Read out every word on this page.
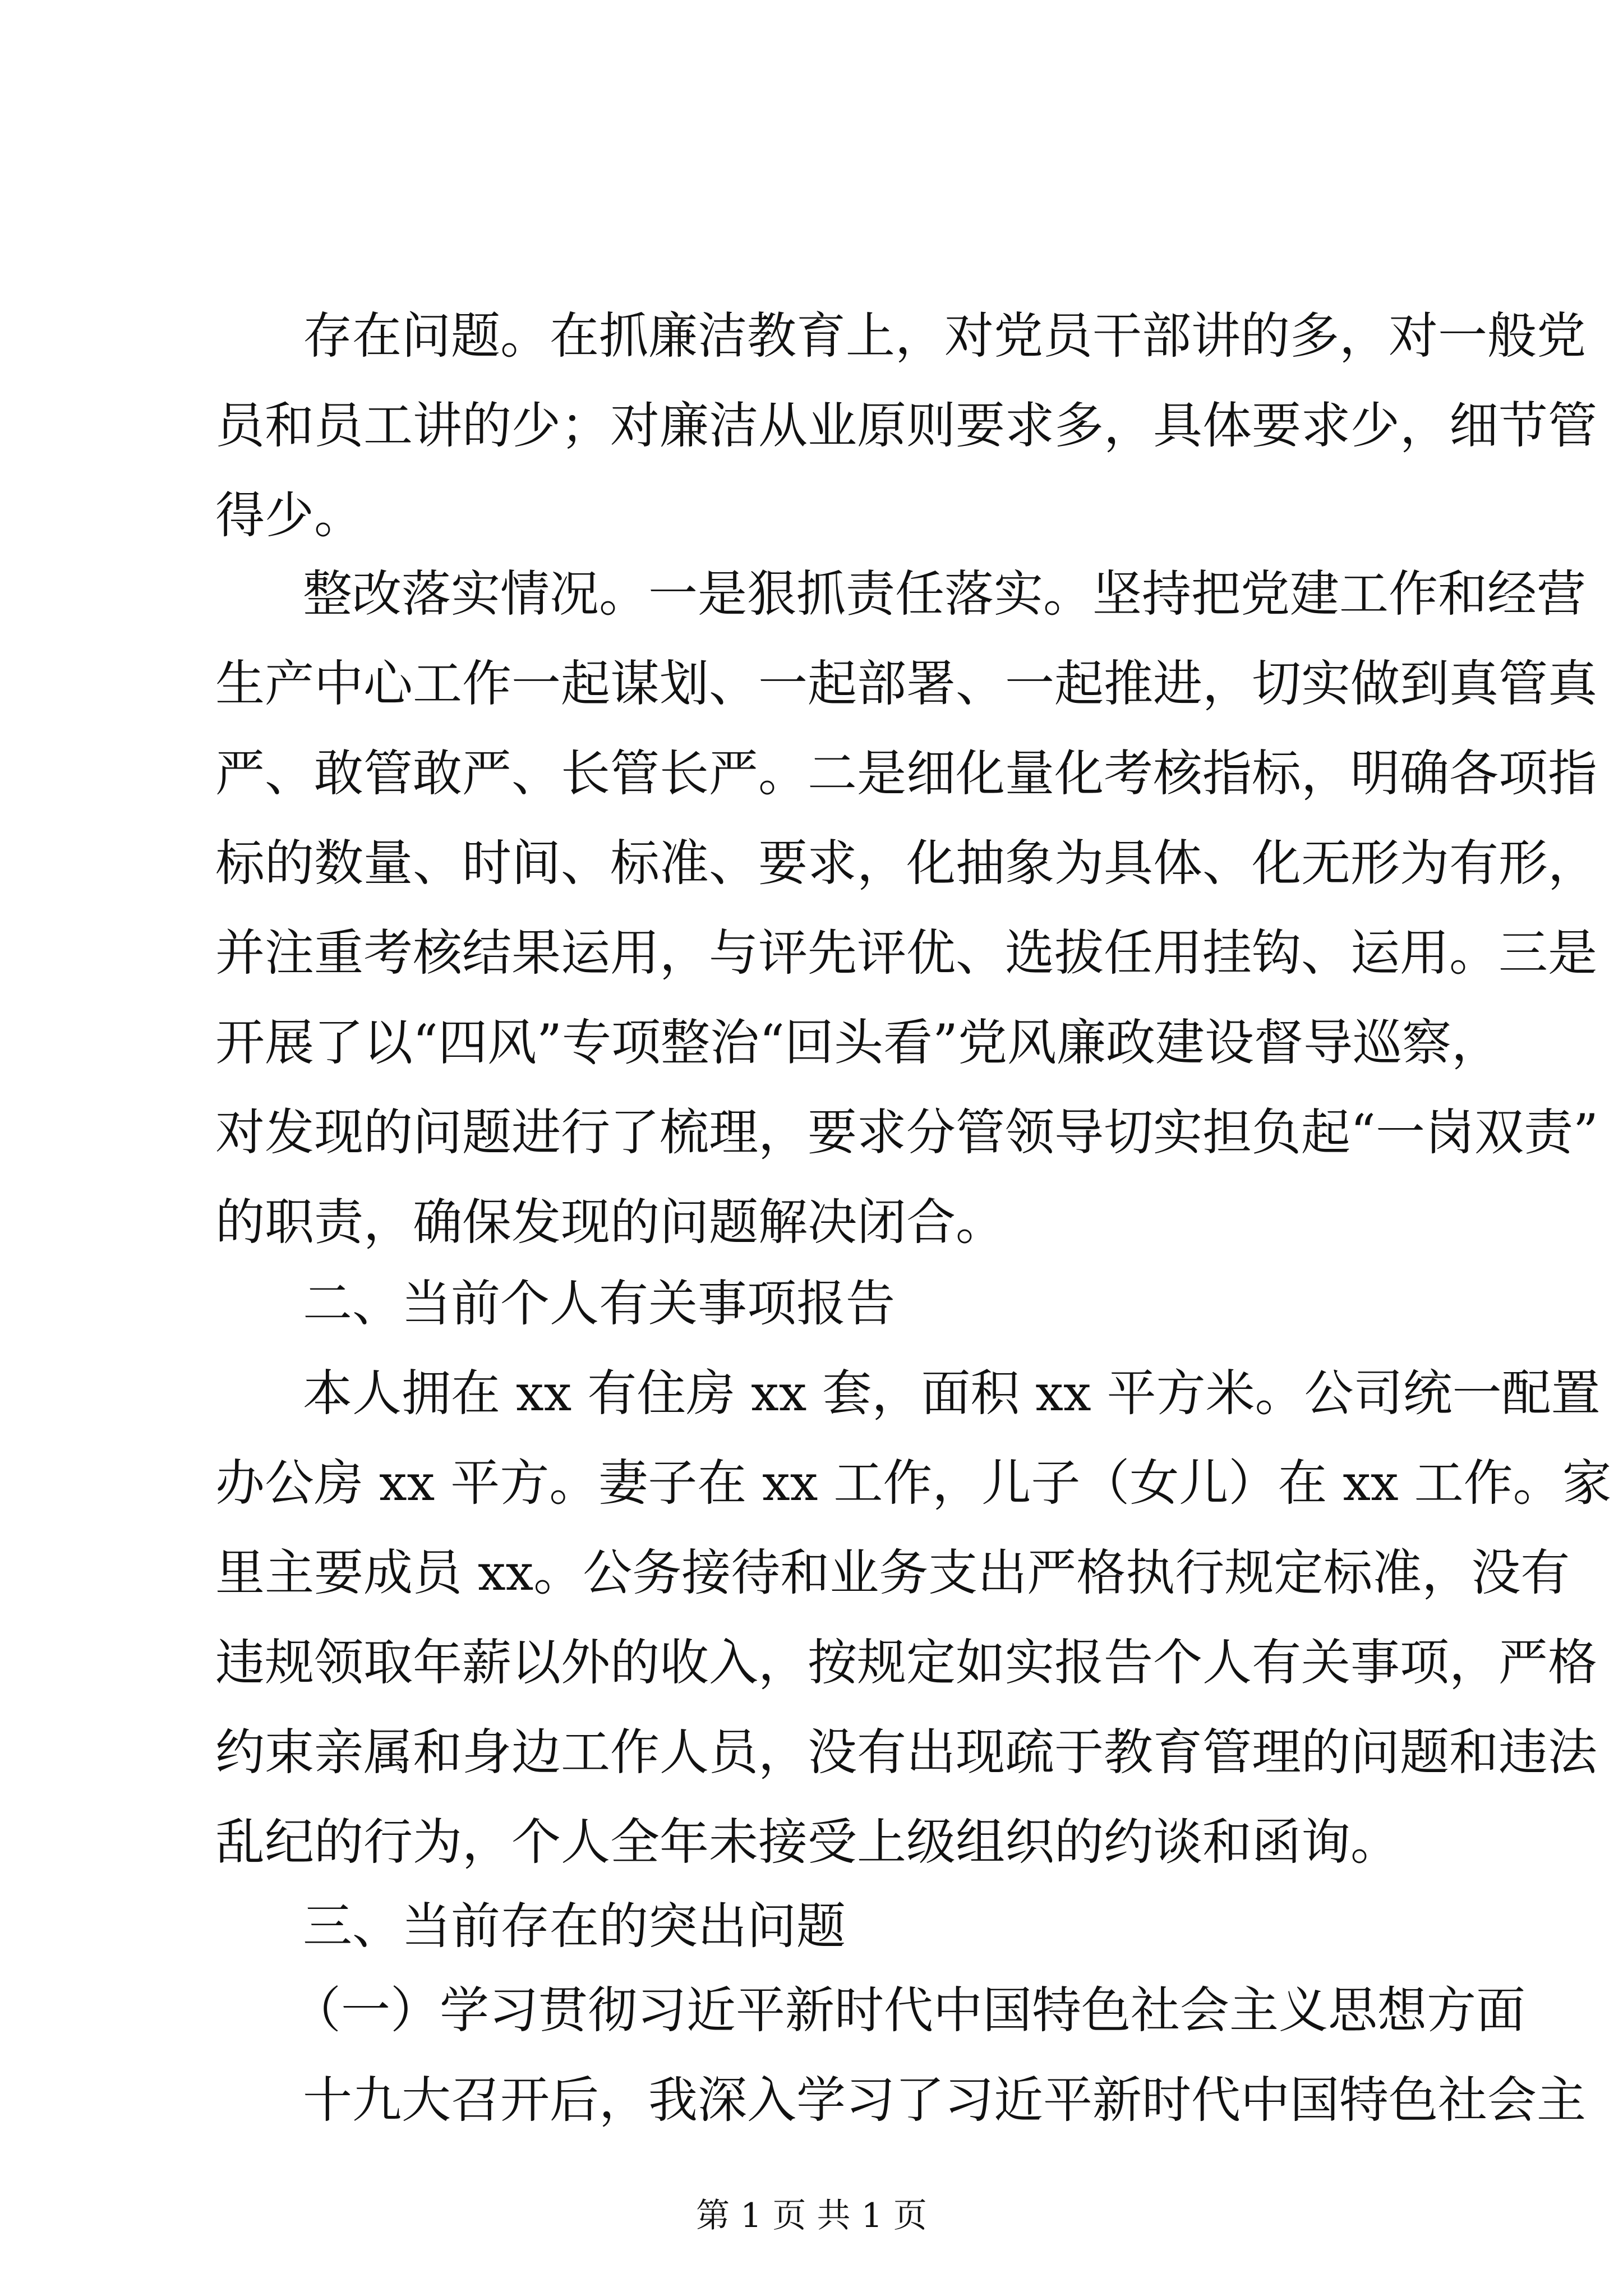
存在问题。在抓廉洁教育上，对党员干部讲的多，对一般党
员和员工讲的少；对廉洁从业原则要求多，具体要求少，细节管
得少。
整改落实情况。一是狠抓责任落实。坚持把党建工作和经营
生产中心工作一起谋划、一起部署、一起推进，切实做到真管真
严、敢管敢严、长管长严。二是细化量化考核指标，明确各项指
标的数量、时间、标准、要求，化抽象为具体、化无形为有形，
并注重考核结果运用，与评先评优、选拔任用挂钩、运用。三是
开展了以“四风”专项整治“回头看”党风廉政建设督导巡察，
对发现的问题进行了梳理，要求分管领导切实担负起“一岗双责”
的职责，确保发现的问题解决闭合。
二、当前个人有关事项报告
本人拥在 xx 有住房 xx 套，面积 xx 平方米。公司统一配置
办公房 xx 平方。妻子在 xx 工作，儿子（女儿）在 xx 工作。家
里主要成员 xx。公务接待和业务支出严格执行规定标准，没有
违规领取年薪以外的收入，按规定如实报告个人有关事项，严格
约束亲属和身边工作人员，没有出现疏于教育管理的问题和违法
乱纪的行为，个人全年未接受上级组织的约谈和函询。
三、当前存在的突出问题
（一）学习贯彻习近平新时代中国特色社会主义思想方面
十九大召开后，我深入学习了习近平新时代中国特色社会主
第 1 页 共 1 页
